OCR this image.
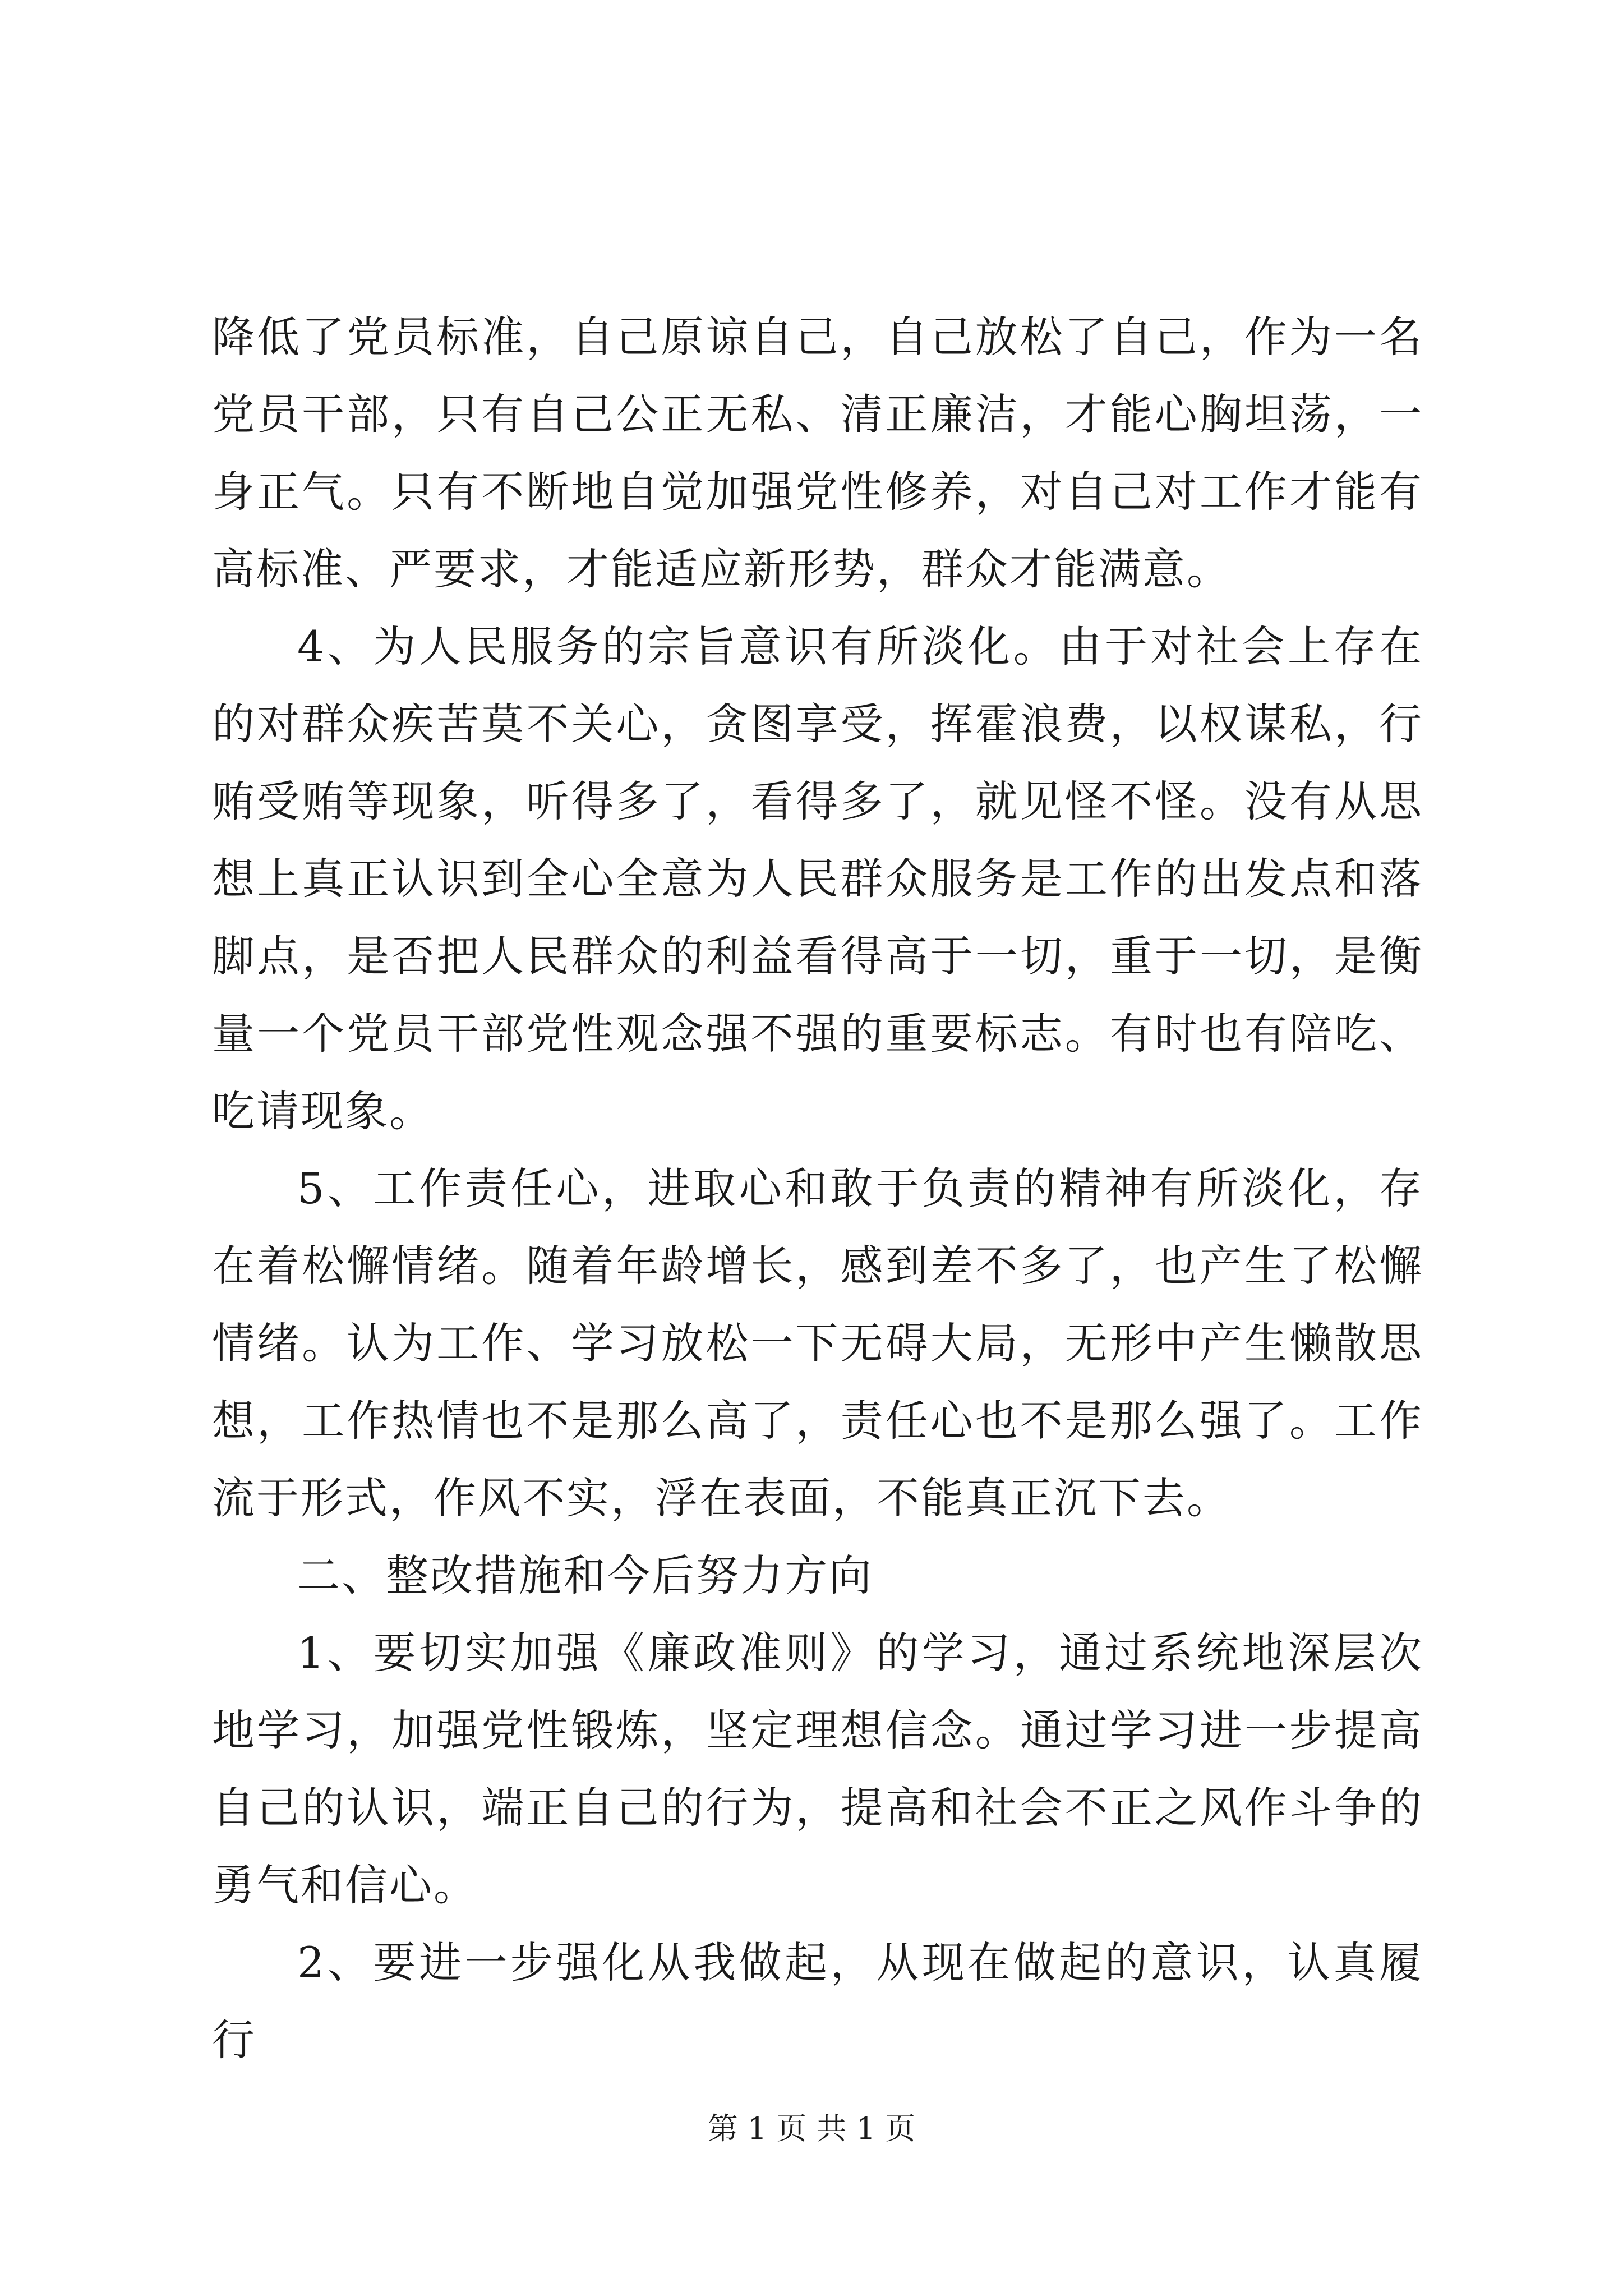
降低了党员标准，自己原谅自己，自己放松了自己，作为一名党员干部，只有自己公正无私、清正廉洁，才能心胸坦荡，一身正气。只有不断地自觉加强党性修养，对自己对工作才能有高标准、严要求，才能适应新形势，群众才能满意。

4、为人民服务的宗旨意识有所淡化。由于对社会上存在的对群众疾苦莫不关心，贪图享受，挥霍浪费，以权谋私，行贿受贿等现象，听得多了，看得多了，就见怪不怪。没有从思想上真正认识到全心全意为人民群众服务是工作的出发点和落脚点，是否把人民群众的利益看得高于一切，重于一切，是衡量一个党员干部党性观念强不强的重要标志。有时也有陪吃、吃请现象。

5、工作责任心，进取心和敢于负责的精神有所淡化，存在着松懈情绪。随着年龄增长，感到差不多了，也产生了松懈情绪。认为工作、学习放松一下无碍大局，无形中产生懒散思想，工作热情也不是那么高了，责任心也不是那么强了。工作流于形式，作风不实，浮在表面，不能真正沉下去。

二、整改措施和今后努力方向

1、要切实加强《廉政准则》的学习，通过系统地深层次地学习，加强党性锻炼，坚定理想信念。通过学习进一步提高自己的认识，端正自己的行为，提高和社会不正之风作斗争的勇气和信心。

2、要进一步强化从我做起，从现在做起的意识，认真履行

第 1 页 共 1 页
